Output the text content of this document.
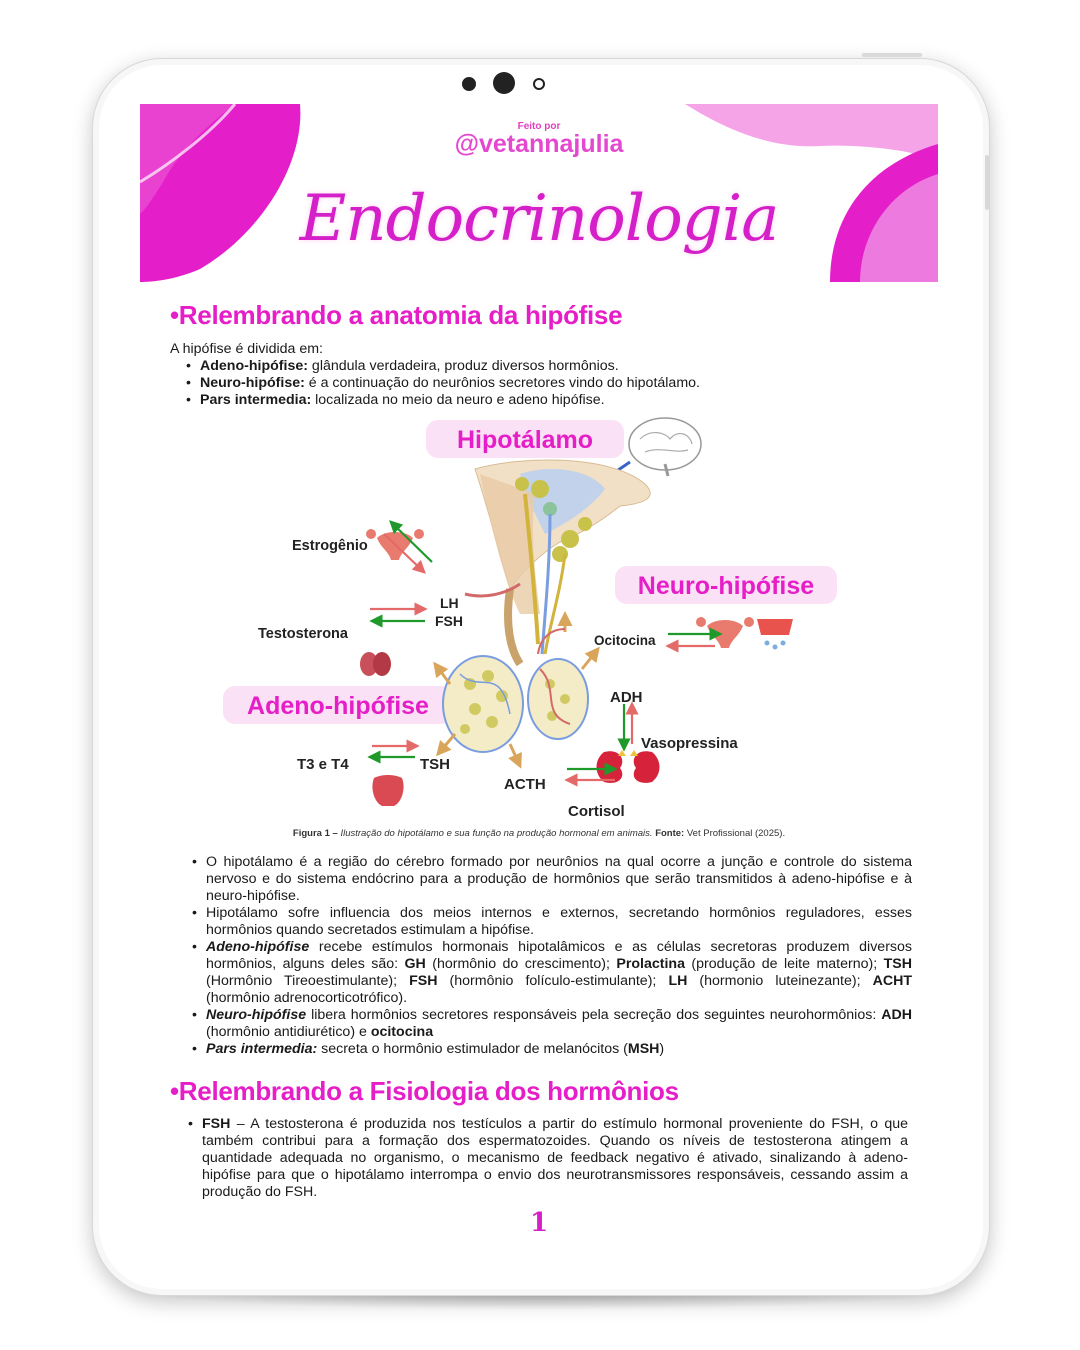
Feito por
@vetannajulia
Endocrinologia
•Relembrando a anatomia da hipófise

A hipófise é dividida em:

• Adeno-hipófise: glândula verdadeira, produz diversos hormônios.
• Neuro-hipófise: é a continuação do neurônios secretores vindo do hipotálamo.
• Pars intermedia: localizada no meio da neuro e adeno hipófise.
Hipotálamo
Neuro-hipófise
Adeno-hipófise
Estrogênio
Testosterona
LH
FSH
Ocitocina
ADH
Vasopressina
T3 e T4	TSH
ACTH
Cortisol
Figura 1 – Ilustração do hipotálamo e sua função na produção hormonal em animais. Fonte: Vet Profissional (2025).
• O hipotálamo é a região do cérebro formado por neurônios na qual ocorre a junção e controle do sistema nervoso e do sistema endócrino para a produção de hormônios que serão transmitidos à adeno-hipófise e à neuro-hipófise.
• Hipotálamo sofre influencia dos meios internos e externos, secretando hormônios reguladores, esses hormônios quando secretados estimulam a hipófise.
• Adeno-hipófise recebe estímulos hormonais hipotalâmicos e as células secretoras produzem diversos hormônios, alguns deles são: GH (hormônio do crescimento); Prolactina (produção de leite materno); TSH (Hormônio Tireoestimulante); FSH (hormônio folículo-estimulante); LH (hormonio luteinezante); ACHT (hormônio adrenocorticotrófico).
• Neuro-hipófise libera hormônios secretores responsáveis pela secreção dos seguintes neurohormônios: ADH (hormônio antidiurético) e ocitocina
• Pars intermedia: secreta o hormônio estimulador de melanócitos (MSH)
•Relembrando a Fisiologia dos hormônios
• FSH – A testosterona é produzida nos testículos a partir do estímulo hormonal proveniente do FSH, o que também contribui para a formação dos espermatozoides. Quando os níveis de testosterona atingem a quantidade adequada no organismo, o mecanismo de feedback negativo é ativado, sinalizando à adeno-hipófise para que o hipotálamo interrompa o envio dos neurotransmissores responsáveis, cessando assim a produção do FSH.
1
